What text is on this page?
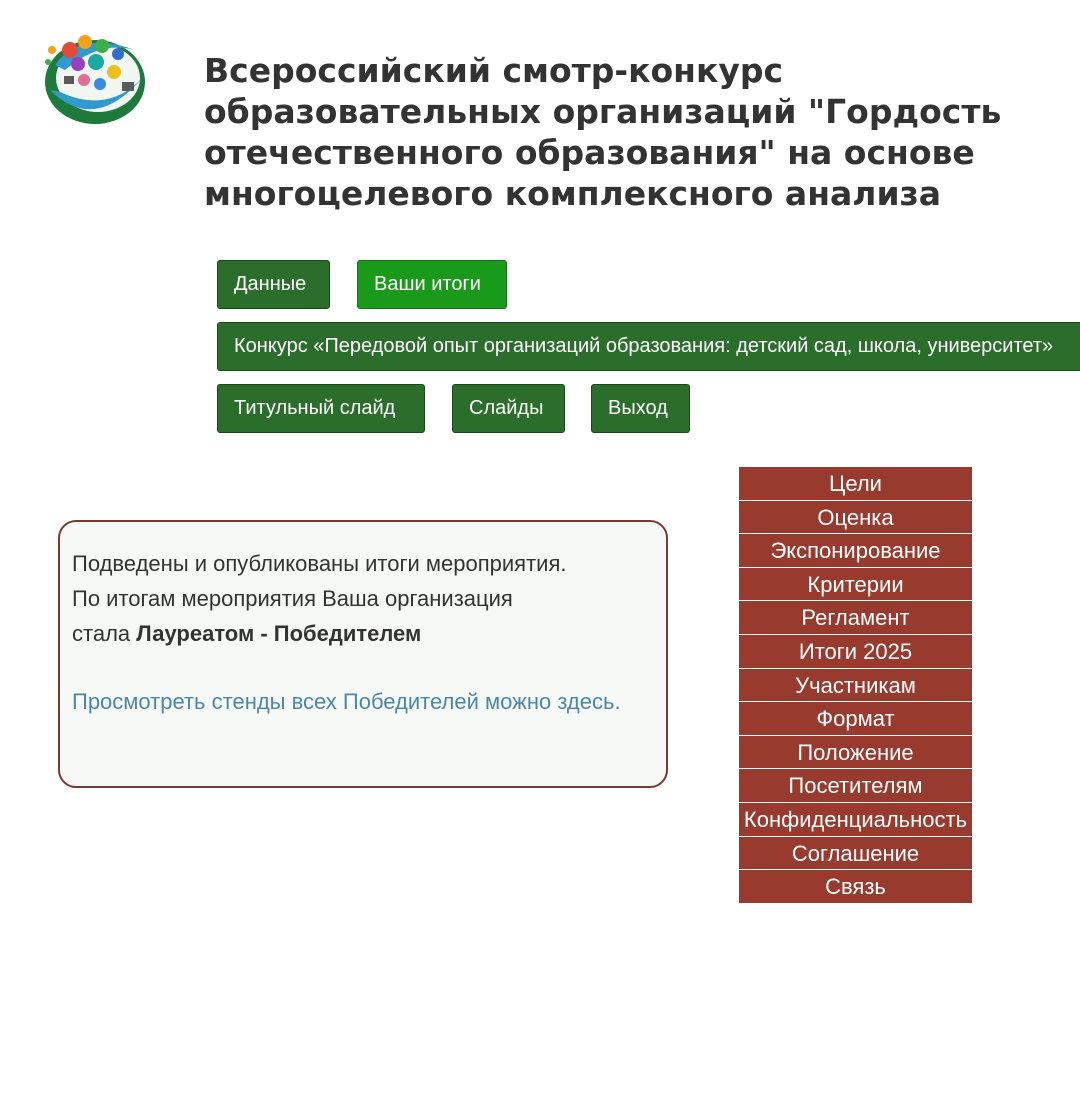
Всероссийский смотр-конкурс образовательных организаций "Гордость отечественного образования" на основе многоцелевого комплексного анализа
Данные	Ваши итоги
Конкурс «Передовой опыт организаций образования: детский сад, школа, университет»
Титульный слайд	Слайды	Выход
Цели
Оценка
Экспонирование
Критерии
Регламент
Итоги 2025
Участникам
Формат
Положение
Посетителям
Конфиденциальность
Соглашение
Связь

Подведены и опубликованы итоги мероприятия.

По итогам мероприятия Ваша организация

стала Лауреатом - Победителем

Просмотреть стенды всех Победителей можно здесь.
